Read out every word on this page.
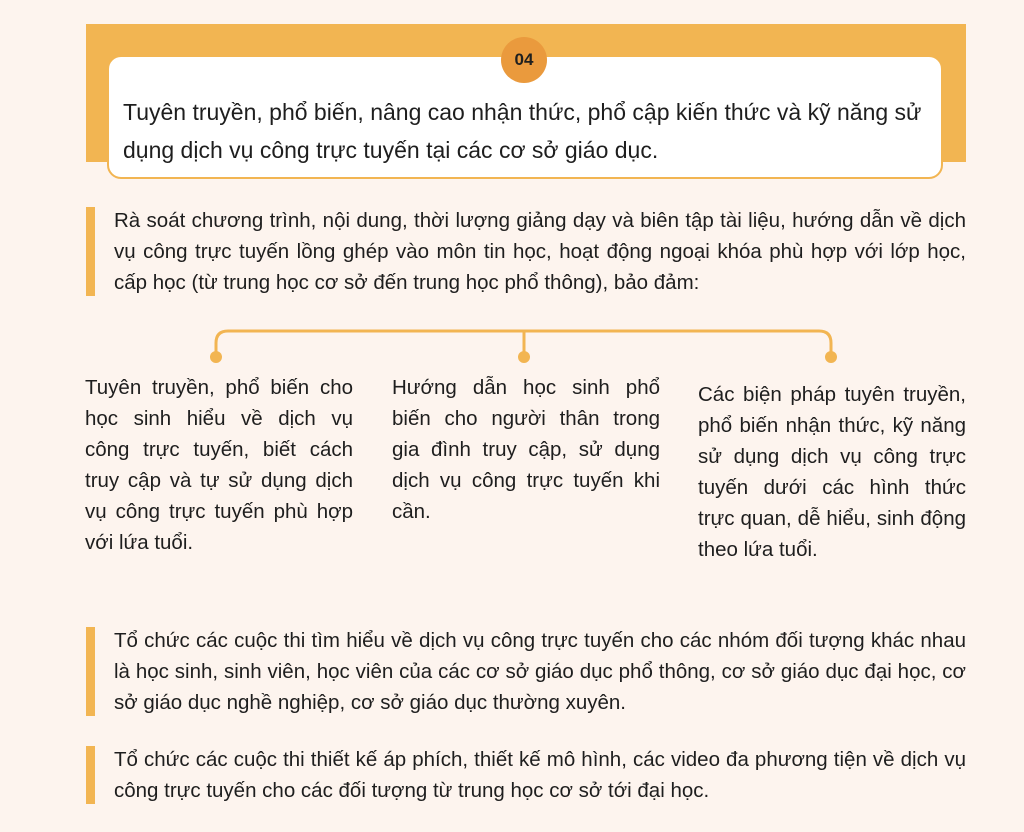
04
Tuyên truyền, phổ biến, nâng cao nhận thức, phổ cập kiến thức và kỹ năng sử dụng dịch vụ công trực tuyến tại các cơ sở giáo dục.
Rà soát chương trình, nội dung, thời lượng giảng dạy và biên tập tài liệu, hướng dẫn về dịch vụ công trực tuyến lồng ghép vào môn tin học, hoạt động ngoại khóa phù hợp với lớp học, cấp học (từ trung học cơ sở đến trung học phổ thông), bảo đảm:
Tuyên truyền, phổ biến cho học sinh hiểu về dịch vụ công trực tuyến, biết cách truy cập và tự sử dụng dịch vụ công trực tuyến phù hợp với lứa tuổi.
Hướng dẫn học sinh phổ biến cho người thân trong gia đình truy cập, sử dụng dịch vụ công trực tuyến khi cần.
Các biện pháp tuyên truyền, phổ biến nhận thức, kỹ năng sử dụng dịch vụ công trực tuyến dưới các hình thức trực quan, dễ hiểu, sinh động theo lứa tuổi.
Tổ chức các cuộc thi tìm hiểu về dịch vụ công trực tuyến cho các nhóm đối tượng khác nhau là học sinh, sinh viên, học viên của các cơ sở giáo dục phổ thông, cơ sở giáo dục đại học, cơ sở giáo dục nghề nghiệp, cơ sở giáo dục thường xuyên.
Tổ chức các cuộc thi thiết kế áp phích, thiết kế mô hình, các video đa phương tiện về dịch vụ công trực tuyến cho các đối tượng từ trung học cơ sở tới đại học.
